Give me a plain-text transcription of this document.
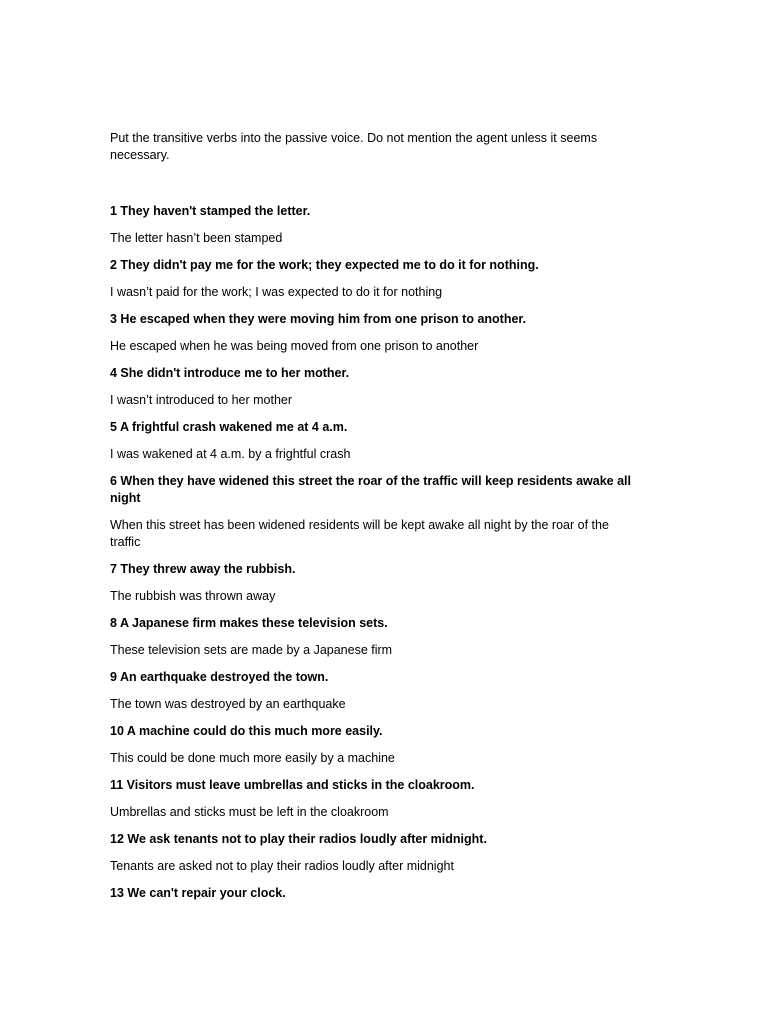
Put the transitive verbs into the passive voice. Do not mention the agent unless it seems necessary.
1 They haven't stamped the letter.
The letter hasn’t been stamped
2 They didn't pay me for the work; they expected me to do it for nothing.
I wasn’t paid for the work; I was expected to do it for nothing
3 He escaped when they were moving him from one prison to another.
He escaped when he was being moved from one prison to another
4 She didn't introduce me to her mother.
I wasn’t introduced to her mother
5 A frightful crash wakened me at 4 a.m.
I was wakened at 4 a.m. by a frightful crash
6 When they have widened this street the roar of the traffic will keep residents awake all night
When this street has been widened residents will be kept awake all night by the roar of the traffic
7 They threw away the rubbish.
The rubbish was thrown away
8 A Japanese firm makes these television sets.
These television sets are made by a Japanese firm
9 An earthquake destroyed the town.
The town was destroyed by an earthquake
10 A machine could do this much more easily.
This could be done much more easily by a machine
11 Visitors must leave umbrellas and sticks in the cloakroom.
Umbrellas and sticks must be left in the cloakroom
12 We ask tenants not to play their radios loudly after midnight.
Tenants are asked not to play their radios loudly after midnight
13 We can't repair your clock.
